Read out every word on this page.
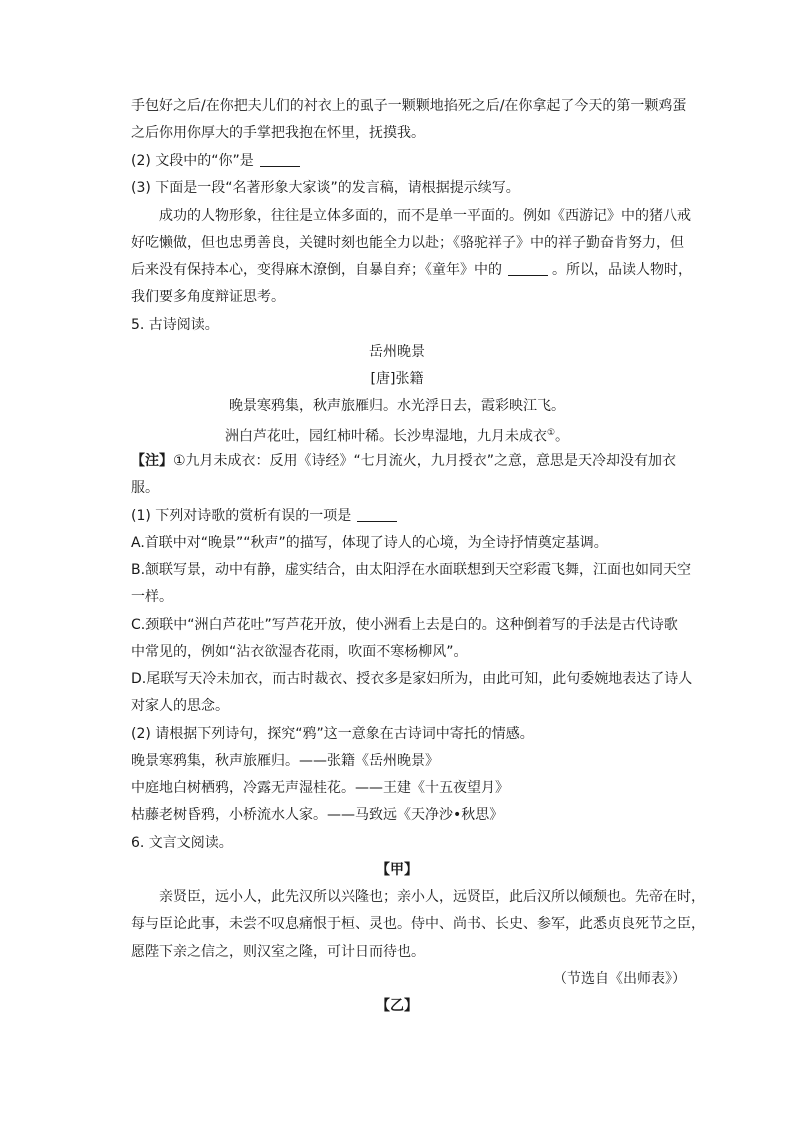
手包好之后/在你把夫儿们的衬衣上的虱子一颗颗地掐死之后/在你拿起了今天的第一颗鸡蛋
之后你用你厚大的手掌把我抱在怀里，抚摸我。
(2) 文段中的“你”是
(3) 下面是一段“名著形象大家谈”的发言稿，请根据提示续写。
成功的人物形象，往往是立体多面的，而不是单一平面的。例如《西游记》中的猪八戒
好吃懒做，但也忠勇善良，关键时刻也能全力以赴；《骆驼祥子》中的祥子勤奋肯努力，但
后来没有保持本心，变得麻木潦倒，自暴自弃；《童年》中的	。所以，品读人物时，
我们要多角度辩证思考。
5. 古诗阅读。
岳州晚景
[唐]张籍
晚景寒鸦集，秋声旅雁归。水光浮日去，霞彩映江飞。
洲白芦花吐，园红柿叶稀。长沙卑湿地，九月未成衣①。
【注】①九月未成衣：反用《诗经》“七月流火，九月授衣”之意，意思是天冷却没有加衣
服。
(1) 下列对诗歌的赏析有误的一项是
A.首联中对“晚景”“秋声”的描写，体现了诗人的心境，为全诗抒情奠定基调。
B.颔联写景，动中有静，虚实结合，由太阳浮在水面联想到天空彩霞飞舞，江面也如同天空
一样。
C.颈联中“洲白芦花吐”写芦花开放，使小洲看上去是白的。这种倒着写的手法是古代诗歌
中常见的，例如“沾衣欲湿杏花雨，吹面不寒杨柳风”。
D.尾联写天冷未加衣，而古时裁衣、授衣多是家妇所为，由此可知，此句委婉地表达了诗人
对家人的思念。
(2) 请根据下列诗句，探究“鸦”这一意象在古诗词中寄托的情感。
晚景寒鸦集，秋声旅雁归。——张籍《岳州晚景》
中庭地白树栖鸦，冷露无声湿桂花。——王建《十五夜望月》
枯藤老树昏鸦，小桥流水人家。——马致远《天净沙•秋思》
6. 文言文阅读。
【甲】
亲贤臣，远小人，此先汉所以兴隆也；亲小人，远贤臣，此后汉所以倾颓也。先帝在时，
每与臣论此事，未尝不叹息痛恨于桓、灵也。侍中、尚书、长史、参军，此悉贞良死节之臣，
愿陛下亲之信之，则汉室之隆，可计日而待也。
（节选自《出师表》）
【乙】
